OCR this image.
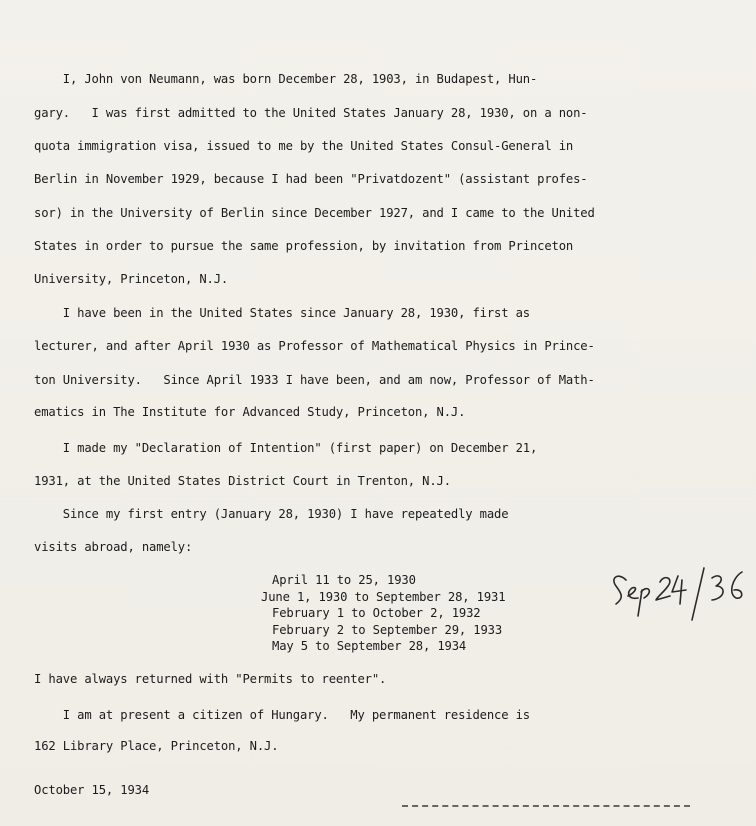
I, John von Neumann, was born December 28, 1903, in Budapest, Hun-
gary.   I was first admitted to the United States January 28, 1930, on a non-
quota immigration visa, issued to me by the United States Consul-General in
Berlin in November 1929, because I had been "Privatdozent" (assistant profes-
sor) in the University of Berlin since December 1927, and I came to the United
States in order to pursue the same profession, by invitation from Princeton
University, Princeton, N.J.
I have been in the United States since January 28, 1930, first as
lecturer, and after April 1930 as Professor of Mathematical Physics in Prince-
ton University.   Since April 1933 I have been, and am now, Professor of Math-
ematics in The Institute for Advanced Study, Princeton, N.J.
I made my "Declaration of Intention" (first paper) on December 21,
1931, at the United States District Court in Trenton, N.J.
Since my first entry (January 28, 1930) I have repeatedly made
visits abroad, namely:
April 11 to 25, 1930
June 1, 1930 to September 28, 1931
February 1 to October 2, 1932
February 2 to September 29, 1933
May 5 to September 28, 1934
I have always returned with "Permits to reenter".
I am at present a citizen of Hungary.   My permanent residence is
162 Library Place, Princeton, N.J.
October 15, 1934
